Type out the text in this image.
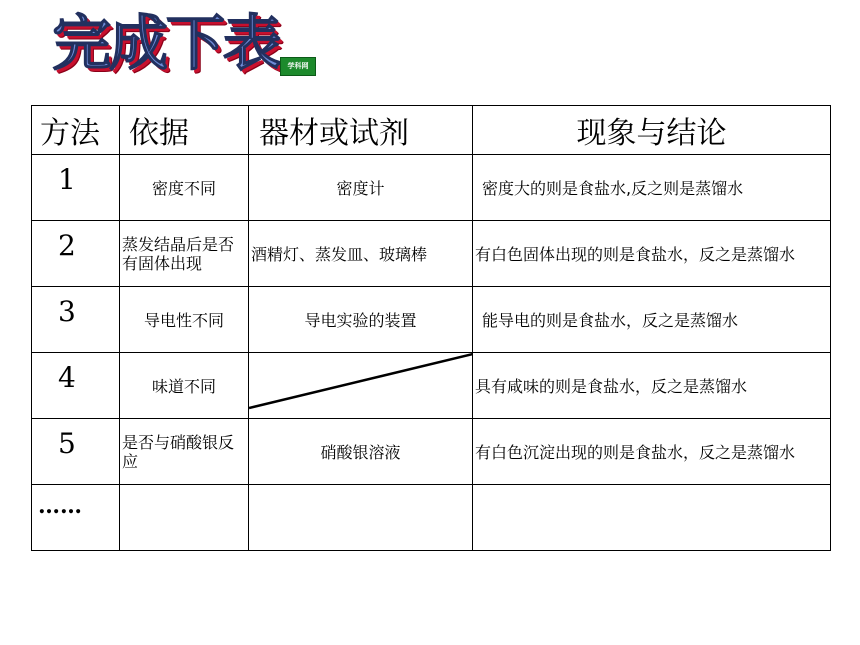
完成下表	学科网
方法	依据	器材或试剂	现象与结论
1	密度不同	密度计	密度大的则是食盐水,反之则是蒸馏水
2	蒸发结晶后是否有固体出现	酒精灯、蒸发皿、玻璃棒	有白色固体出现的则是食盐水，反之是蒸馏水
3	导电性不同	导电实验的装置	能导电的则是食盐水，反之是蒸馏水
4	味道不同		具有咸味的则是食盐水，反之是蒸馏水
5	是否与硝酸银反应	硝酸银溶液	有白色沉淀出现的则是食盐水，反之是蒸馏水
……			
